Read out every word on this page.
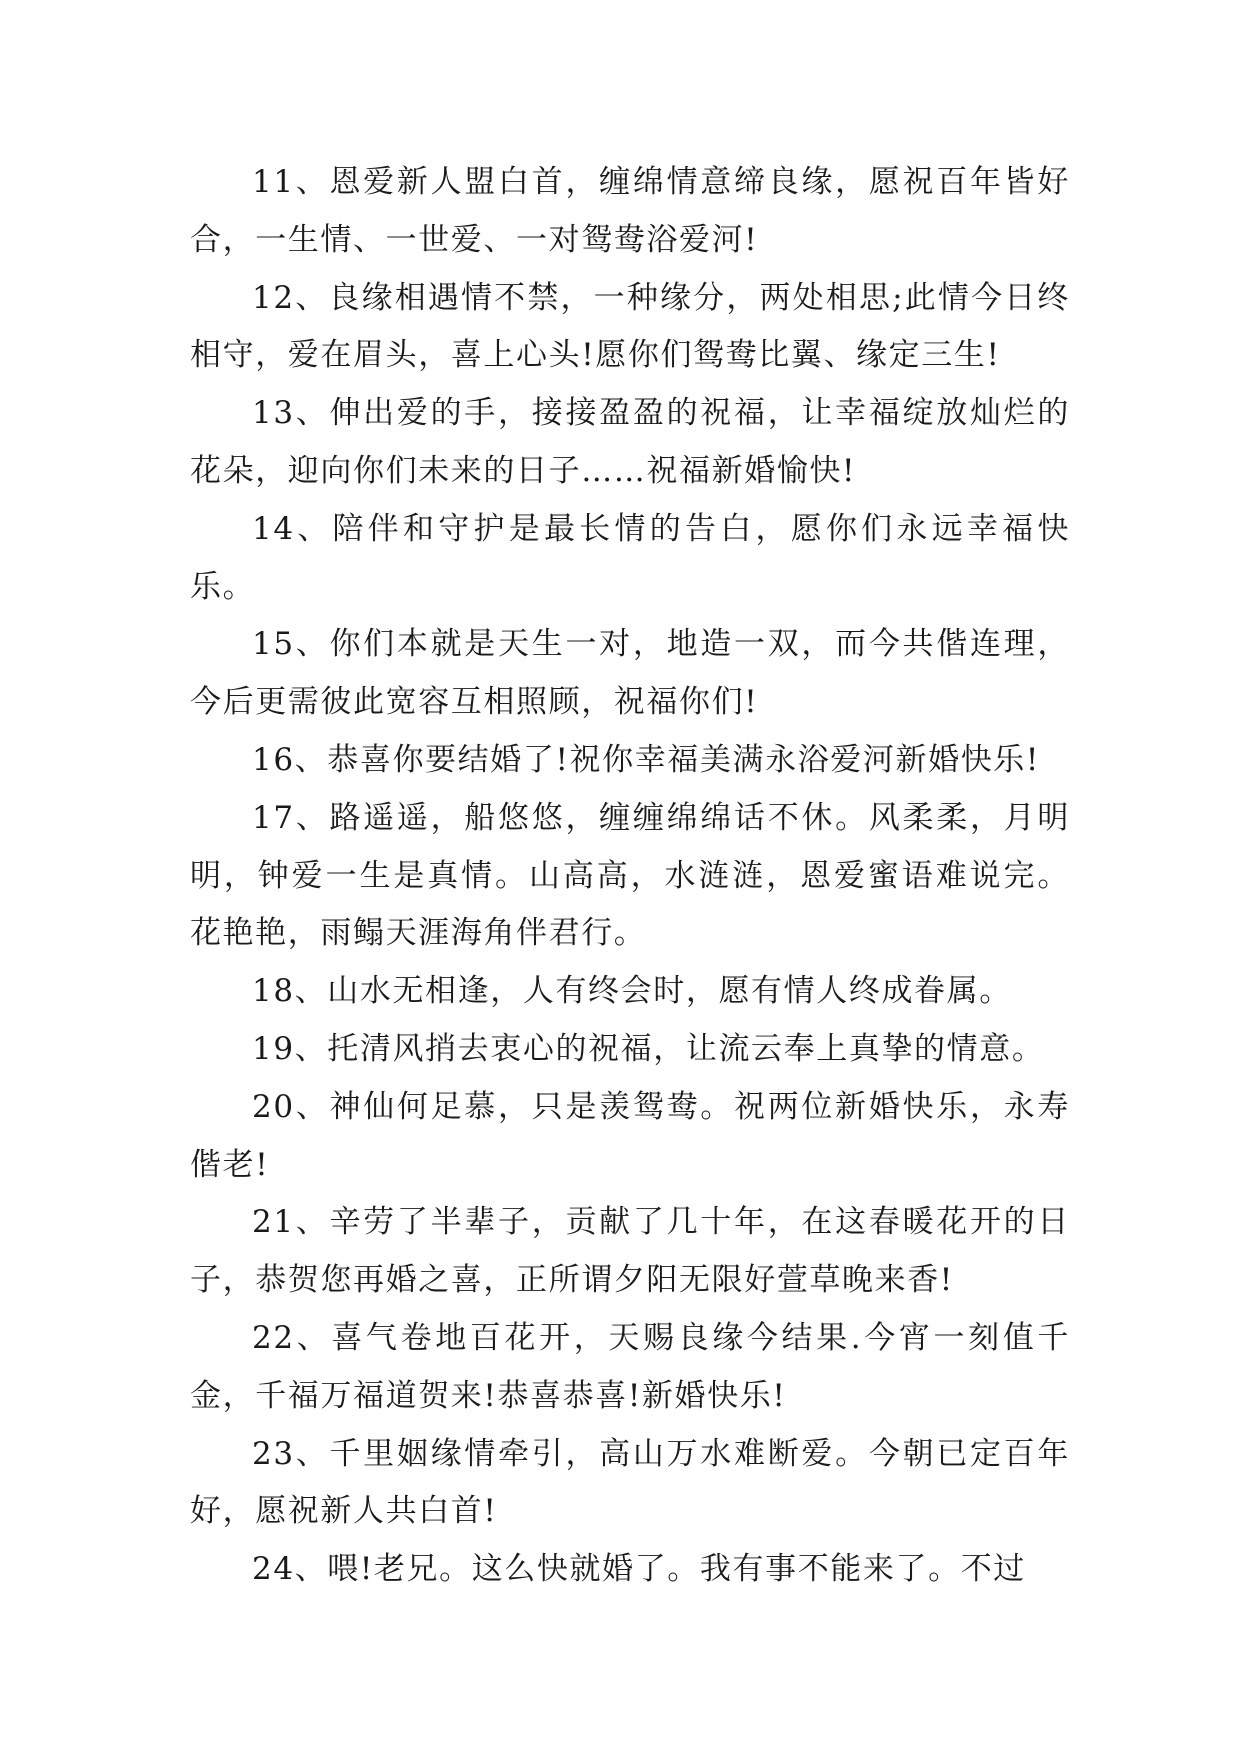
11、恩爱新人盟白首，缠绵情意缔良缘，愿祝百年皆好合，一生情、一世爱、一对鸳鸯浴爱河!

12、良缘相遇情不禁，一种缘分，两处相思;此情今日终相守，爱在眉头，喜上心头!愿你们鸳鸯比翼、缘定三生!

13、伸出爱的手，接接盈盈的祝福，让幸福绽放灿烂的花朵，迎向你们未来的日子……祝福新婚愉快!

14、陪伴和守护是最长情的告白，愿你们永远幸福快乐。

15、你们本就是天生一对，地造一双，而今共偕连理，今后更需彼此宽容互相照顾，祝福你们!

16、恭喜你要结婚了!祝你幸福美满永浴爱河新婚快乐!

17、路遥遥，船悠悠，缠缠绵绵话不休。风柔柔，月明明，钟爱一生是真情。山高高，水涟涟，恩爱蜜语难说完。花艳艳，雨鳎天涯海角伴君行。

18、山水无相逢，人有终会时，愿有情人终成眷属。

19、托清风捎去衷心的祝福，让流云奉上真挚的情意。

20、神仙何足慕，只是羡鸳鸯。祝两位新婚快乐，永寿偕老!

21、辛劳了半辈子，贡献了几十年，在这春暖花开的日子，恭贺您再婚之喜，正所谓夕阳无限好萱草晚来香!

22、喜气卷地百花开，天赐良缘今结果.今宵一刻值千金，千福万福道贺来!恭喜恭喜!新婚快乐!

23、千里姻缘情牵引，高山万水难断爱。今朝已定百年好，愿祝新人共白首!

24、喂!老兄。这么快就婚了。我有事不能来了。不过
